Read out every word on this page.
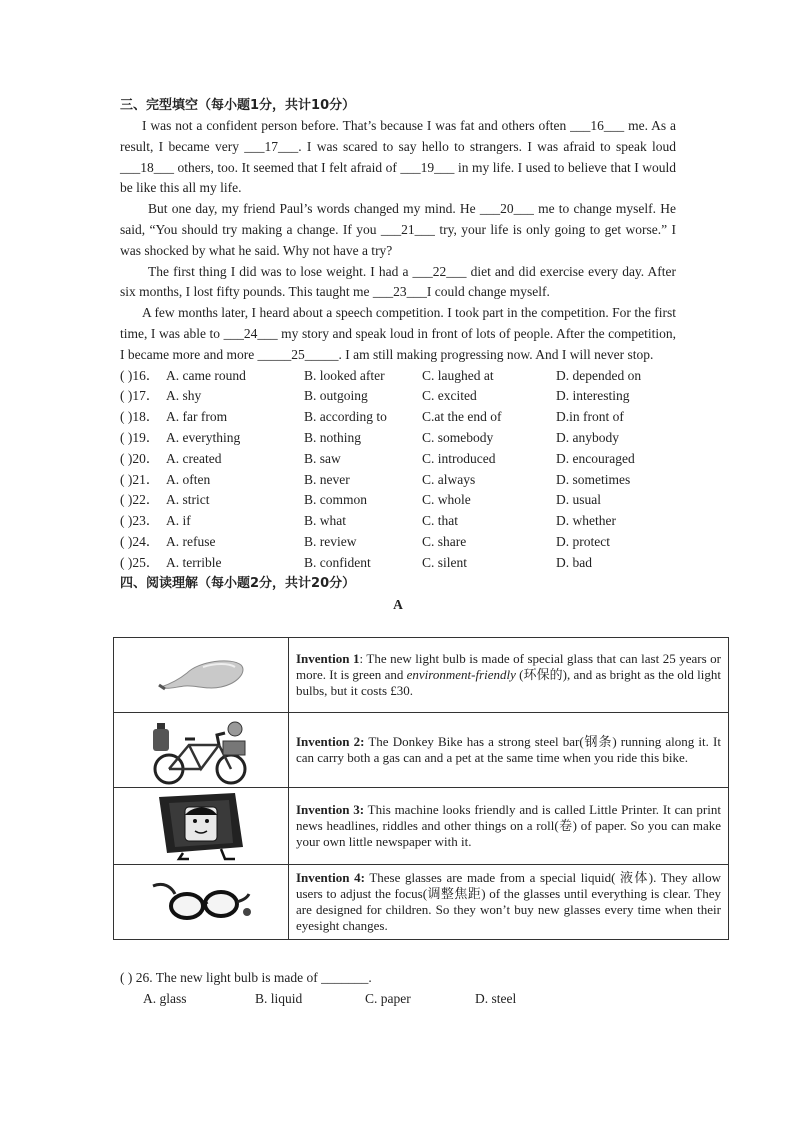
三、完型填空（每小题1分，共计10分）

I was not a confident person before. That’s because I was fat and others often ___16___ me. As a result, I became very ___17___. I was scared to say hello to strangers. I was afraid to speak loud ___18___ others, too. It seemed that I felt afraid of ___19___ in my life. I used to believe that I would be like this all my life.

But one day, my friend Paul’s words changed my mind. He ___20___ me to change myself. He said, “You should try making a change. If you ___21___ try, your life is only going to get worse.” I was shocked by what he said. Why not have a try?

The first thing I did was to lose weight. I had a ___22___ diet and did exercise every day. After six months, I lost fifty pounds. This taught me ___23___I could change myself.

A few months later, I heard about a speech competition. I took part in the competition. For the first time, I was able to ___24___ my story and speak loud in front of lots of people. After the competition, I became more and more _____25_____. I am still making progressing now. And I will never stop.

( )16． A. came round	B. looked after	C. laughed at	D. depended on
( )17． A. shy	B. outgoing	C. excited	D. interesting
( )18． A. far from	B. according to	C.at the end of	D.in front of
( )19． A. everything	B. nothing	C. somebody	D. anybody
( )20． A. created	B. saw	C. introduced	D. encouraged
( )21． A. often	B. never	C. always	D. sometimes
( )22． A. strict	B. common	C. whole	D. usual
( )23． A. if	B. what	C. that	D. whether
( )24． A. refuse	B. review	C. share	D. protect
( )25． A. terrible	B. confident	C. silent	D. bad

四、阅读理解（每小题2分，共计20分）

A

	Invention 1: The new light bulb is made of special glass that can last 25 years or more. It is green and environment-friendly (环保的), and as bright as the old light bulbs, but it costs £30.

	Invention 2: The Donkey Bike has a strong steel bar(钢条) running along it. It can carry both a gas can and a pet at the same time when you ride this bike.

	Invention 3: This machine looks friendly and is called Little Printer. It can print news headlines, riddles and other things on a roll(卷) of paper. So you can make your own little newspaper with it.

	Invention 4: These glasses are made from a special liquid( 液体). They allow users to adjust the focus(调整焦距) of the glasses until everything is clear. They are designed for children. So they won’t buy new glasses every time when their eyesight changes.
( ) 26. The new light bulb is made of _______.
A. glass	B. liquid	C. paper	D. steel
